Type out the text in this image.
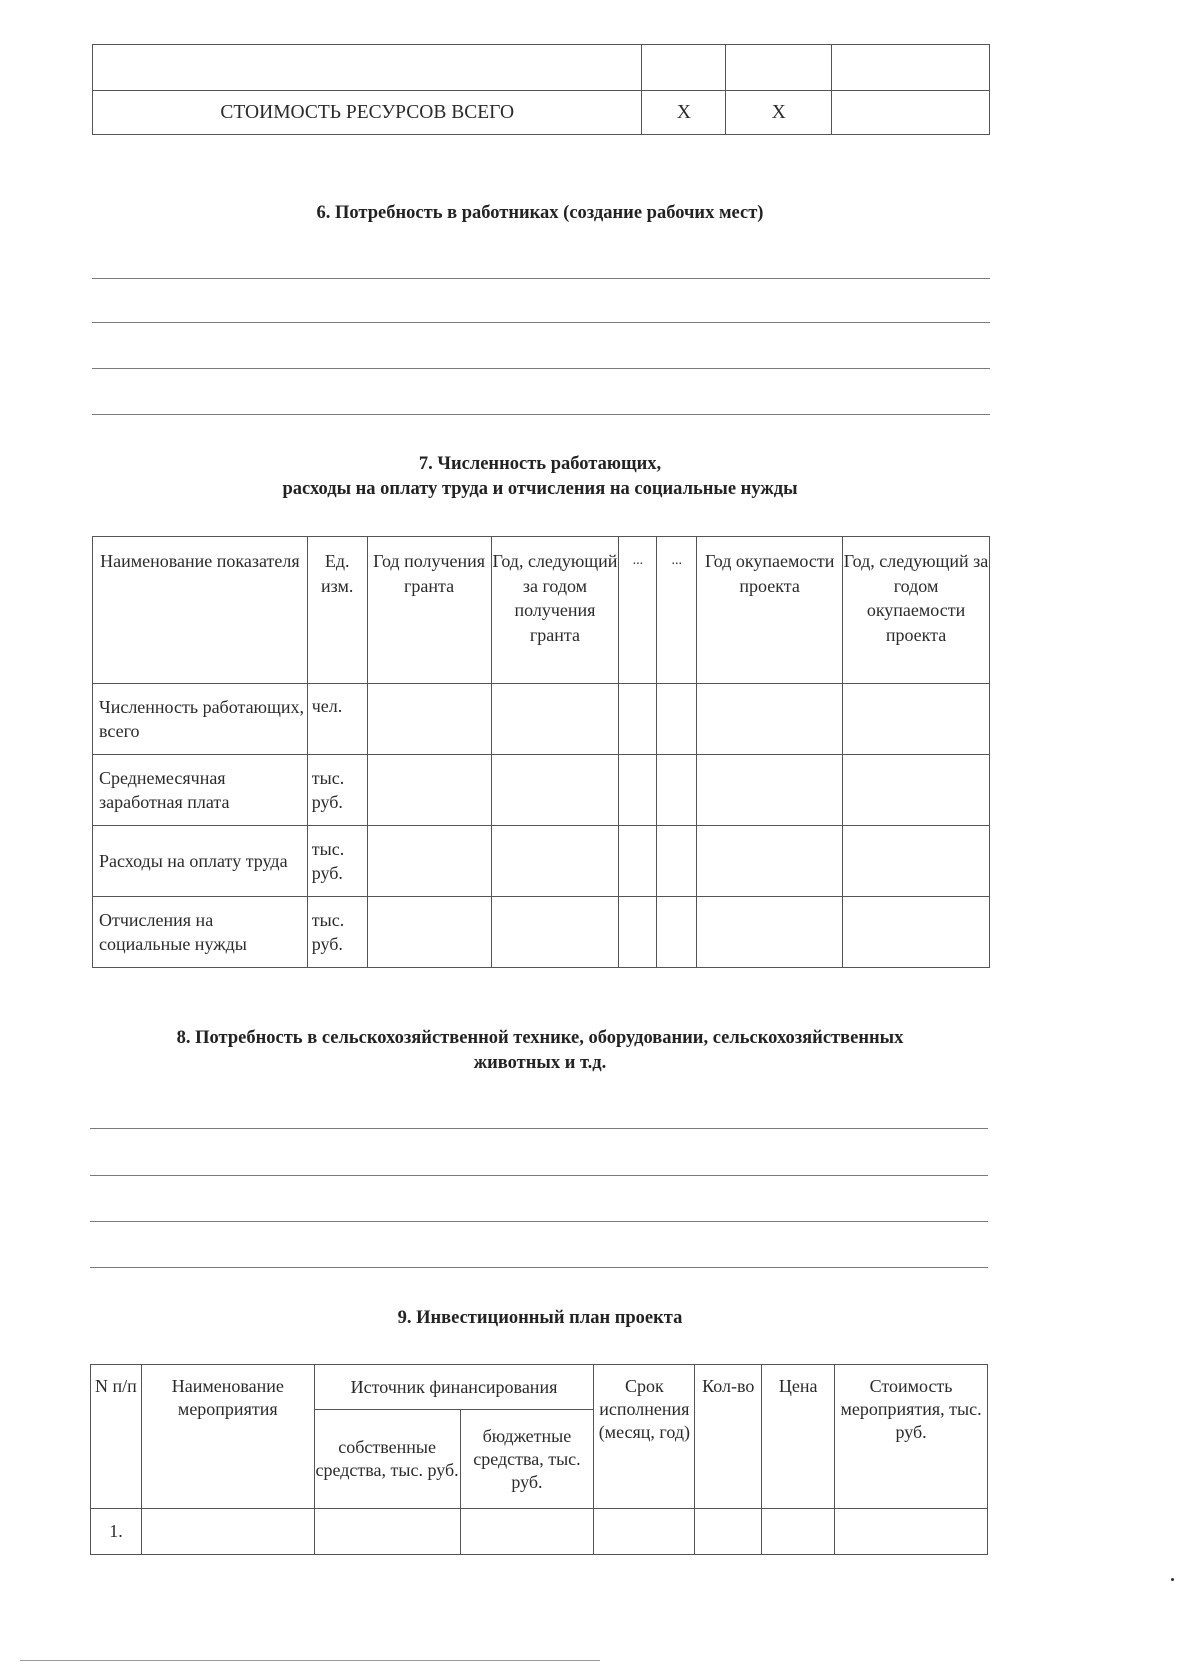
СТОИМОСТЬ РЕСУРСОВ ВСЕГО	Х	Х	
6. Потребность в работниках (создание рабочих мест)
7. Численность работающих,
расходы на оплату труда и отчисления на социальные нужды
Наименование показателя	Ед. изм.	Год получения гранта	Год, следующий за годом получения гранта	...	...	Год окупаемости проекта	Год, следующий за годом окупаемости проекта
Численность работающих, всего	чел.						
Среднемесячная заработная плата	тыс. руб.						
Расходы на оплату труда	тыс. руб.						
Отчисления на социальные нужды	тыс. руб.						
8. Потребность в сельскохозяйственной технике, оборудовании, сельскохозяйственных
животных и т.д.
9. Инвестиционный план проекта
N п/п	Наименование мероприятия	Источник финансирования		Срок исполнения (месяц, год)	Кол-во	Цена	Стоимость мероприятия, тыс. руб.
		собственные средства, тыс. руб.	бюджетные средства, тыс. руб.				
1.							
